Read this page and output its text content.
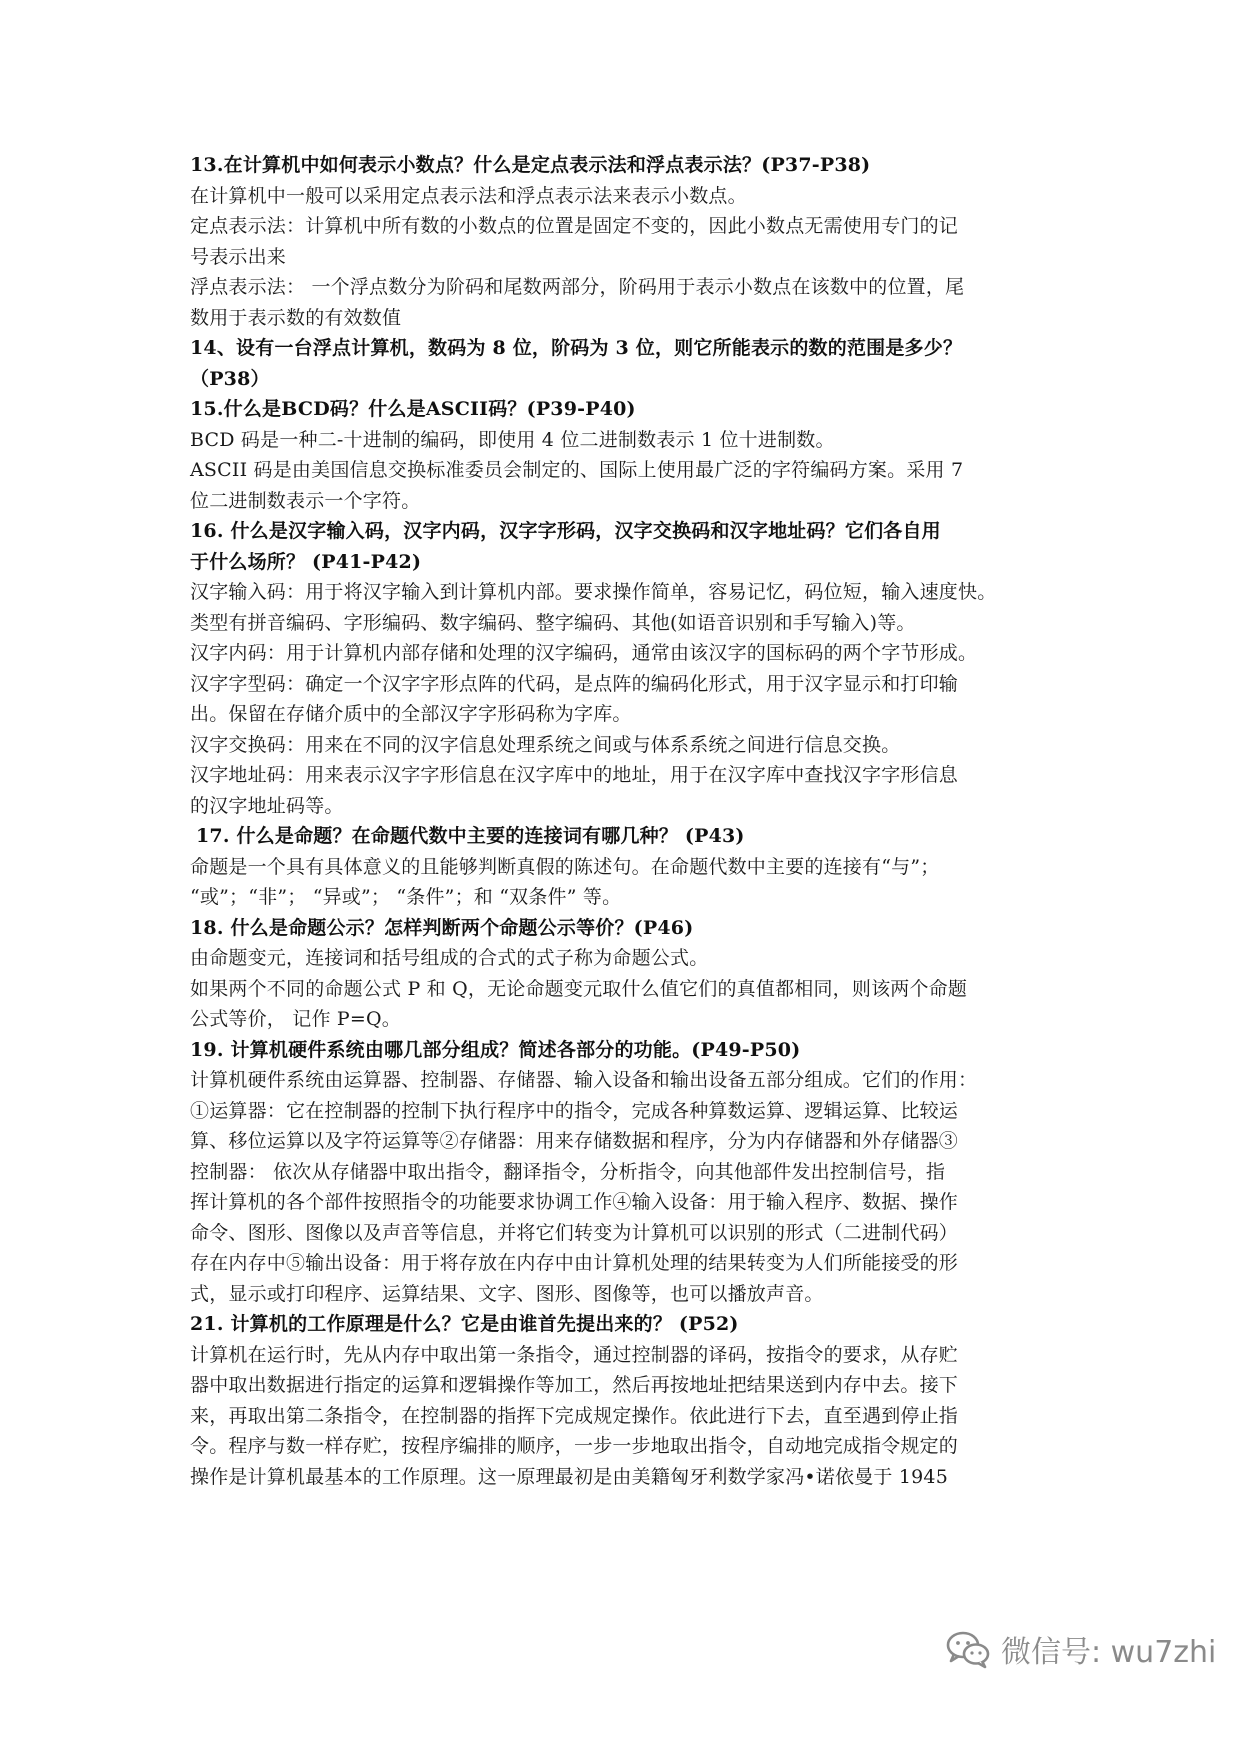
13.在计算机中如何表示小数点？什么是定点表示法和浮点表示法？(P37-P38)
在计算机中一般可以采用定点表示法和浮点表示法来表示小数点。
定点表示法：计算机中所有数的小数点的位置是固定不变的，因此小数点无需使用专门的记
号表示出来
浮点表示法： 一个浮点数分为阶码和尾数两部分，阶码用于表示小数点在该数中的位置，尾
数用于表示数的有效数值
14、设有一台浮点计算机，数码为 8 位，阶码为 3 位，则它所能表示的数的范围是多少？
（P38）
15.什么是BCD码？什么是ASCII码？(P39-P40)
BCD 码是一种二-十进制的编码，即使用 4 位二进制数表示 1 位十进制数。
ASCII 码是由美国信息交换标准委员会制定的、国际上使用最广泛的字符编码方案。采用 7
位二进制数表示一个字符。
16. 什么是汉字输入码，汉字内码，汉字字形码，汉字交换码和汉字地址码？它们各自用
于什么场所？ (P41-P42)
汉字输入码：用于将汉字输入到计算机内部。要求操作简单，容易记忆，码位短，输入速度快。
类型有拼音编码、字形编码、数字编码、整字编码、其他(如语音识别和手写输入)等。
汉字内码：用于计算机内部存储和处理的汉字编码，通常由该汉字的国标码的两个字节形成。
汉字字型码：确定一个汉字字形点阵的代码，是点阵的编码化形式，用于汉字显示和打印输
出。保留在存储介质中的全部汉字字形码称为字库。
汉字交换码：用来在不同的汉字信息处理系统之间或与体系系统之间进行信息交换。
汉字地址码：用来表示汉字字形信息在汉字库中的地址，用于在汉字库中查找汉字字形信息
的汉字地址码等。
17. 什么是命题？在命题代数中主要的连接词有哪几种？ (P43)
命题是一个具有具体意义的且能够判断真假的陈述句。在命题代数中主要的连接有“与”；
“或”；“非”； “异或”； “条件”；和 “双条件” 等。
18. 什么是命题公示？怎样判断两个命题公示等价？(P46)
由命题变元，连接词和括号组成的合式的式子称为命题公式。
如果两个不同的命题公式 P 和 Q，无论命题变元取什么值它们的真值都相同，则该两个命题
公式等价， 记作 P=Q。
19. 计算机硬件系统由哪几部分组成？简述各部分的功能。(P49-P50)
计算机硬件系统由运算器、控制器、存储器、输入设备和输出设备五部分组成。它们的作用：
①运算器：它在控制器的控制下执行程序中的指令，完成各种算数运算、逻辑运算、比较运
算、移位运算以及字符运算等②存储器：用来存储数据和程序，分为内存储器和外存储器③
控制器： 依次从存储器中取出指令，翻译指令，分析指令，向其他部件发出控制信号，指
挥计算机的各个部件按照指令的功能要求协调工作④输入设备：用于输入程序、数据、操作
命令、图形、图像以及声音等信息，并将它们转变为计算机可以识别的形式（二进制代码）
存在内存中⑤输出设备：用于将存放在内存中由计算机处理的结果转变为人们所能接受的形
式，显示或打印程序、运算结果、文字、图形、图像等，也可以播放声音。
21. 计算机的工作原理是什么？它是由谁首先提出来的？ (P52)
计算机在运行时，先从内存中取出第一条指令，通过控制器的译码，按指令的要求，从存贮
器中取出数据进行指定的运算和逻辑操作等加工，然后再按地址把结果送到内存中去。接下
来，再取出第二条指令，在控制器的指挥下完成规定操作。依此进行下去，直至遇到停止指
令。程序与数一样存贮，按程序编排的顺序，一步一步地取出指令，自动地完成指令规定的
操作是计算机最基本的工作原理。这一原理最初是由美籍匈牙利数学家冯•诺依曼于 1945
微信号: wu7zhi
